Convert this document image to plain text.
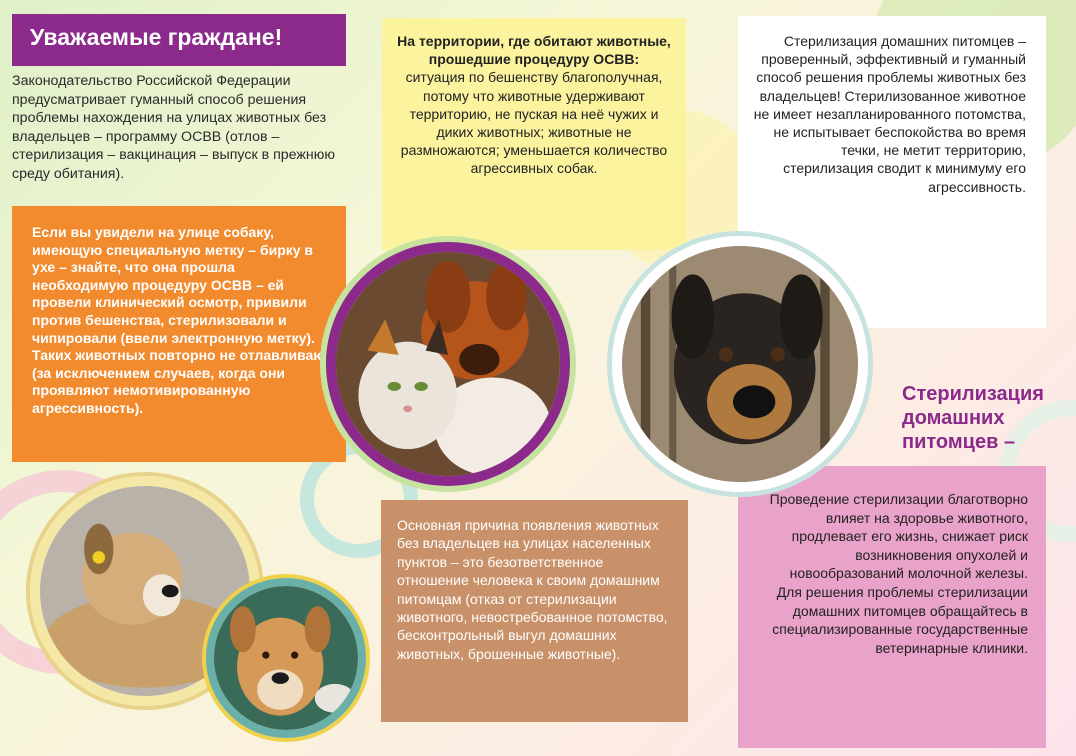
Уважаемые граждане!
Законодательство Российской Федерации предусматривает гуманный способ решения проблемы нахождения на улицах животных без владельцев – программу ОСВВ (отлов – стерилизация – вакцинация – выпуск в прежнюю среду обитания).
Если вы увидели на улице собаку, имеющую специальную метку – бирку в ухе – знайте, что она прошла необходимую процедуру ОСВВ – ей провели клинический осмотр, привили против бешенства, стерилизовали и чипировали (ввели электронную метку). Таких животных повторно не отлавливают (за исключением случаев, когда они проявляют немотивированную агрессивность).
На территории, где обитают животные, прошедшие процедуру ОСВВ:
ситуация по бешенству благополучная, потому что животные удерживают территорию, не пуская на неё чужих и диких животных; животные не размножаются; уменьшается количество агрессивных собак.
Стерилизация домашних питомцев – проверенный, эффективный и гуманный способ решения проблемы животных без владельцев! Стерилизованное животное не имеет незапланированного потомства, не испытывает беспокойства во время течки, не метит территорию, стерилизация сводит к минимуму его агрессивность.
Стерилизация домашних питомцев –
Основная причина появления животных без владельцев на улицах населенных пунктов – это безответственное отношение человека к своим домашним питомцам (отказ от стерилизации животного, невостребованное потомство, бесконтрольный выгул домашних животных, брошенные животные).
Проведение стерилизации благотворно влияет на здоровье животного, продлевает его жизнь, снижает риск возникновения опухолей и новообразований молочной железы.
Для решения проблемы стерилизации домашних питомцев обращайтесь в специализированные государственные ветеринарные клиники.
